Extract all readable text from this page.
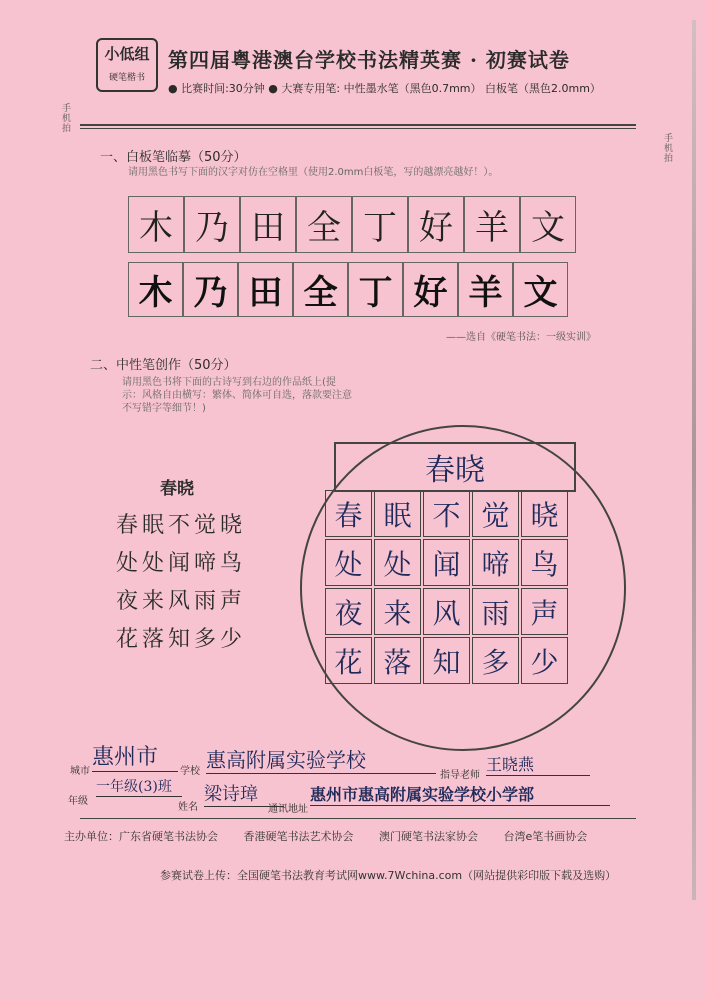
小低组
硬笔楷书
第四届粤港澳台学校书法精英赛 · 初赛试卷
● 比赛时间:30分钟 ● 大赛专用笔: 中性墨水笔（黑色0.7mm） 白板笔（黑色2.0mm）
手机拍
手机拍
一、白板笔临摹（50分）
请用黑色书写下面的汉字对仿在空格里（使用2.0mm白板笔，写的越漂亮越好！）。
木 乃 田 全 丁 好 羊 文
木 乃 田 全 丁 好 羊 文
——选自《硬笔书法：一级实训》
二、中性笔创作（50分）
请用黑色书将下面的古诗写到右边的作品纸上(提示：风格自由横写：繁体、简体可自选，落款要注意不写错字等细节！)
春晓
春眠不觉晓
处处闻啼鸟
夜来风雨声
花落知多少
春晓
春 眠 不 觉 晓
处 处 闻 啼 鸟
夜 来 风 雨 声
花 落 知 多 少
城市
惠州市
学校 惠高附属实验学校
指导老师
王晓燕
年级
一年级(3)班
姓名
梁诗璋
通讯地址
惠州市惠高附属实验学校小学部
主办单位：广东省硬笔书法协会 香港硬笔书法艺术协会 澳门硬笔书法家协会 台湾e笔书画协会
参赛试卷上传：全国硬笔书法教育考试网www.7Wchina.com（网站提供彩印版下载及选购）
